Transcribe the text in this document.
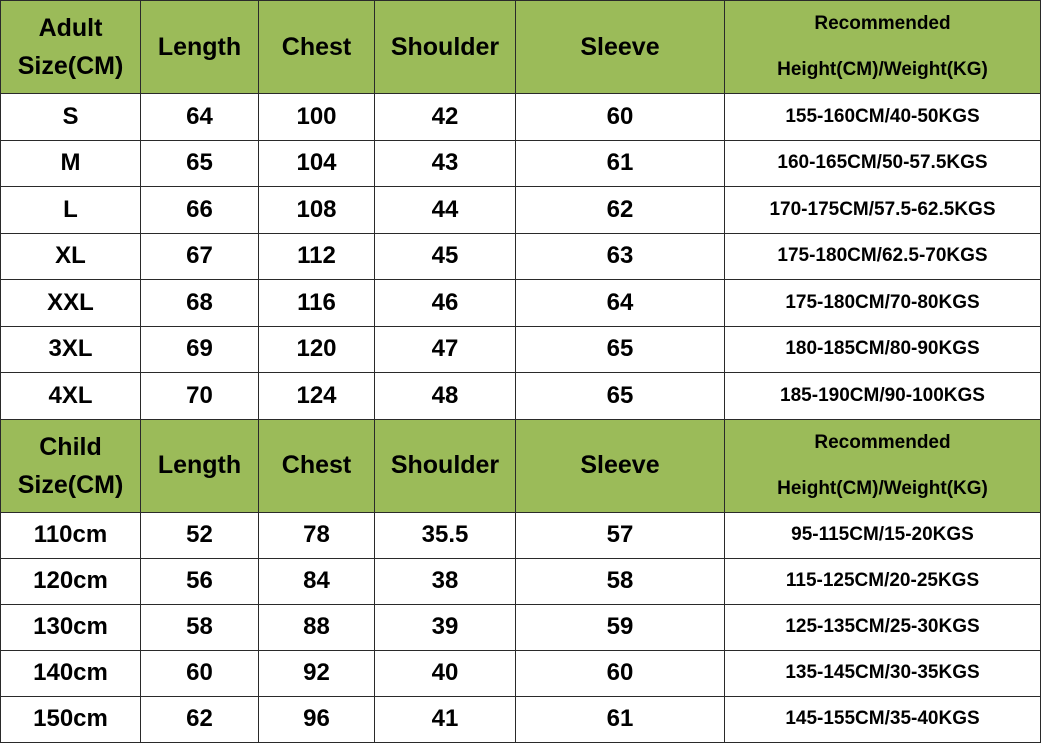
Adult
Size(CM)	Length	Chest	Shoulder	Sleeve	Recommended
Height(CM)/Weight(KG)

S	64	100	42	60	155-160CM/40-50KGS
M	65	104	43	61	160-165CM/50-57.5KGS
L	66	108	44	62	170-175CM/57.5-62.5KGS
XL	67	112	45	63	175-180CM/62.5-70KGS
XXL	68	116	46	64	175-180CM/70-80KGS
3XL	69	120	47	65	180-185CM/80-90KGS
4XL	70	124	48	65	185-190CM/90-100KGS

Child
Size(CM)	Length	Chest	Shoulder	Sleeve	Recommended
Height(CM)/Weight(KG)

110cm	52	78	35.5	57	95-115CM/15-20KGS
120cm	56	84	38	58	115-125CM/20-25KGS
130cm	58	88	39	59	125-135CM/25-30KGS
140cm	60	92	40	60	135-145CM/30-35KGS
150cm	62	96	41	61	145-155CM/35-40KGS
